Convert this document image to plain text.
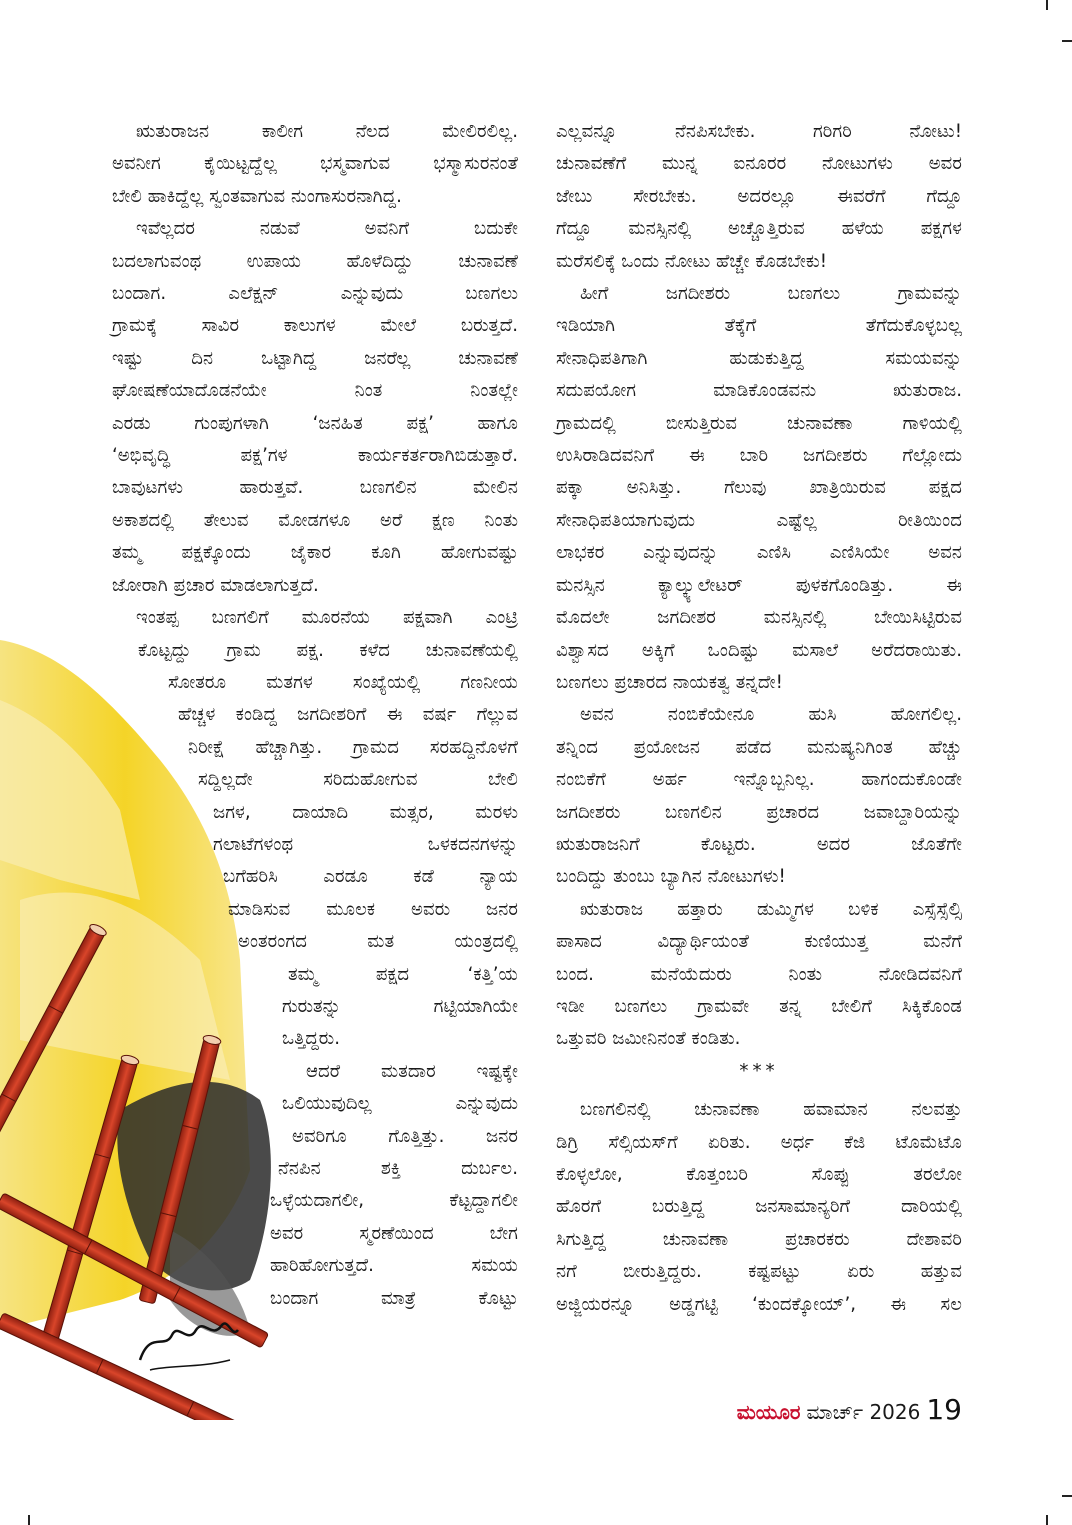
ಋತುರಾಜನ ಕಾಲೀಗ ನೆಲದ ಮೇಲಿರಲಿಲ್ಲ.
ಅವನೀಗ ಕೈಯಿಟ್ಟದ್ದೆಲ್ಲ ಭಸ್ಮವಾಗುವ ಭಸ್ಮಾಸುರನಂತೆ
ಬೇಲಿ ಹಾಕಿದ್ದೆಲ್ಲ ಸ್ವಂತವಾಗುವ ನುಂಗಾಸುರನಾಗಿದ್ದ.
ಇವೆಲ್ಲದರ ನಡುವೆ ಅವನಿಗೆ ಬದುಕೇ
ಬದಲಾಗುವಂಥ ಉಪಾಯ ಹೊಳೆದಿದ್ದು ಚುನಾವಣೆ
ಬಂದಾಗ. ಎಲೆಕ್ಷನ್ ಎನ್ನುವುದು ಬಣಗಲು
ಗ್ರಾಮಕ್ಕೆ ಸಾವಿರ ಕಾಲುಗಳ ಮೇಲೆ ಬರುತ್ತದೆ.
ಇಷ್ಟು ದಿನ ಒಟ್ಟಾಗಿದ್ದ ಜನರೆಲ್ಲ ಚುನಾವಣೆ
ಘೋಷಣೆಯಾದೊಡನೆಯೇ ನಿಂತ ನಿಂತಲ್ಲೇ
ಎರಡು ಗುಂಪುಗಳಾಗಿ ‘ಜನಹಿತ ಪಕ್ಷ’ ಹಾಗೂ
‘ಅಭಿವೃದ್ಧಿ ಪಕ್ಷ’ಗಳ ಕಾರ್ಯಕರ್ತರಾಗಿಬಿಡುತ್ತಾರೆ.
ಬಾವುಟಗಳು ಹಾರುತ್ತವೆ. ಬಣಗಲಿನ ಮೇಲಿನ
ಅಕಾಶದಲ್ಲಿ ತೇಲುವ ಮೋಡಗಳೂ ಅರೆ ಕ್ಷಣ ನಿಂತು
ತಮ್ಮ ಪಕ್ಷಕ್ಕೊಂದು ಜೈಕಾರ ಕೂಗಿ ಹೋಗುವಷ್ಟು
ಜೋರಾಗಿ ಪ್ರಚಾರ ಮಾಡಲಾಗುತ್ತದೆ.
ಇಂತಪ್ಪ ಬಣಗಲಿಗೆ ಮೂರನೆಯ ಪಕ್ಷವಾಗಿ ಎಂಟ್ರಿ
ಕೊಟ್ಟದ್ದು ಗ್ರಾಮ ಪಕ್ಷ. ಕಳೆದ ಚುನಾವಣೆಯಲ್ಲಿ
ಸೋತರೂ ಮತಗಳ ಸಂಖ್ಯೆಯಲ್ಲಿ ಗಣನೀಯ
ಹೆಚ್ಚಳ ಕಂಡಿದ್ದ ಜಗದೀಶರಿಗೆ ಈ ವರ್ಷ ಗೆಲ್ಲುವ
ನಿರೀಕ್ಷೆ ಹೆಚ್ಚಾಗಿತ್ತು. ಗ್ರಾಮದ ಸರಹದ್ದಿನೊಳಗೆ
ಸದ್ದಿಲ್ಲದೇ ಸರಿದುಹೋಗುವ ಬೇಲಿ
ಜಗಳ, ದಾಯಾದಿ ಮತ್ಸರ, ಮರಳು
ಗಲಾಟೆಗಳಂಥ ಒಳಕದನಗಳನ್ನು
ಬಗೆಹರಿಸಿ ಎರಡೂ ಕಡೆ ನ್ಯಾಯ
ಮಾಡಿಸುವ ಮೂಲಕ ಅವರು ಜನರ
ಅಂತರಂಗದ ಮತ ಯಂತ್ರದಲ್ಲಿ
ತಮ್ಮ ಪಕ್ಷದ ‘ಕತ್ತಿ’ಯ
ಗುರುತನ್ನು ಗಟ್ಟಿಯಾಗಿಯೇ
ಒತ್ತಿದ್ದರು.
ಆದರೆ ಮತದಾರ ಇಷ್ಟಕ್ಕೇ
ಒಲಿಯುವುದಿಲ್ಲ ಎನ್ನುವುದು
ಅವರಿಗೂ ಗೊತ್ತಿತ್ತು. ಜನರ
ನೆನಪಿನ ಶಕ್ತಿ ದುರ್ಬಲ.
ಒಳ್ಳೆಯದಾಗಲೀ, ಕೆಟ್ಟದ್ದಾಗಲೀ
ಅವರ ಸ್ಮರಣೆಯಿಂದ ಬೇಗ
ಹಾರಿಹೋಗುತ್ತದೆ. ಸಮಯ
ಬಂದಾಗ ಮಾತ್ರೆ ಕೊಟ್ಟು
ಎಲ್ಲವನ್ನೂ ನೆನಪಿಸಬೇಕು. ಗರಿಗರಿ ನೋಟು!
ಚುನಾವಣೆಗೆ ಮುನ್ನ ಐನೂರರ ನೋಟುಗಳು ಅವರ
ಜೇಬು ಸೇರಬೇಕು. ಅದರಲ್ಲೂ ಈವರೆಗೆ ಗೆದ್ದೂ
ಗೆದ್ದೂ ಮನಸ್ಸಿನಲ್ಲಿ ಅಚ್ಚೊತ್ತಿರುವ ಹಳೆಯ ಪಕ್ಷಗಳ
ಮರೆಸಲಿಕ್ಕೆ ಒಂದು ನೋಟು ಹೆಚ್ಚೇ ಕೊಡಬೇಕು!
ಹೀಗೆ ಜಗದೀಶರು ಬಣಗಲು ಗ್ರಾಮವನ್ನು
ಇಡಿಯಾಗಿ ತೆಕ್ಕೆಗೆ ತೆಗೆದುಕೊಳ್ಳಬಲ್ಲ
ಸೇನಾಧಿಪತಿಗಾಗಿ ಹುಡುಕುತ್ತಿದ್ದ ಸಮಯವನ್ನು
ಸದುಪಯೋಗ ಮಾಡಿಕೊಂಡವನು ಋತುರಾಜ.
ಗ್ರಾಮದಲ್ಲಿ ಬೀಸುತ್ತಿರುವ ಚುನಾವಣಾ ಗಾಳಿಯಲ್ಲಿ
ಉಸಿರಾಡಿದವನಿಗೆ ಈ ಬಾರಿ ಜಗದೀಶರು ಗೆಲ್ಲೋದು
ಪಕ್ಕಾ ಅನಿಸಿತ್ತು. ಗೆಲುವು ಖಾತ್ರಿಯಿರುವ ಪಕ್ಷದ
ಸೇನಾಧಿಪತಿಯಾಗುವುದು ಎಷ್ಟೆಲ್ಲ ರೀತಿಯಿಂದ
ಲಾಭಕರ ಎನ್ನುವುದನ್ನು ಎಣಿಸಿ ಎಣಿಸಿಯೇ ಅವನ
ಮನಸ್ಸಿನ ಕ್ಯಾಲ್ಕ್ಯುಲೇಟರ್ ಪುಳಕಗೊಂಡಿತ್ತು. ಈ
ಮೊದಲೇ ಜಗದೀಶರ ಮನಸ್ಸಿನಲ್ಲಿ ಬೇಯಿಸಿಟ್ಟಿರುವ
ವಿಶ್ವಾಸದ ಅಕ್ಕಿಗೆ ಒಂದಿಷ್ಟು ಮಸಾಲೆ ಅರೆದರಾಯಿತು.
ಬಣಗಲು ಪ್ರಚಾರದ ನಾಯಕತ್ವ ತನ್ನದೇ!
ಅವನ ನಂಬಿಕೆಯೇನೂ ಹುಸಿ ಹೋಗಲಿಲ್ಲ.
ತನ್ನಿಂದ ಪ್ರಯೋಜನ ಪಡೆದ ಮನುಷ್ಯನಿಗಿಂತ ಹೆಚ್ಚು
ನಂಬಿಕೆಗೆ ಅರ್ಹ ಇನ್ನೊಬ್ಬನಿಲ್ಲ. ಹಾಗಂದುಕೊಂಡೇ
ಜಗದೀಶರು ಬಣಗಲಿನ ಪ್ರಚಾರದ ಜವಾಬ್ದಾರಿಯನ್ನು
ಋತುರಾಜನಿಗೆ ಕೊಟ್ಟರು. ಅದರ ಜೊತೆಗೇ
ಬಂದಿದ್ದು ತುಂಬು ಬ್ಯಾಗಿನ ನೋಟುಗಳು!
ಋತುರಾಜ ಹತ್ತಾರು ಡುಮ್ಮಿಗಳ ಬಳಿಕ ಎಸ್ಸೆಸ್ಸೆಲ್ಸಿ
ಪಾಸಾದ ವಿದ್ಯಾರ್ಥಿಯಂತೆ ಕುಣಿಯುತ್ತ ಮನೆಗೆ
ಬಂದ. ಮನೆಯೆದುರು ನಿಂತು ನೋಡಿದವನಿಗೆ
ಇಡೀ ಬಣಗಲು ಗ್ರಾಮವೇ ತನ್ನ ಬೇಲಿಗೆ ಸಿಕ್ಕಿಕೊಂಡ
ಒತ್ತುವರಿ ಜಮೀನಿನಂತೆ ಕಂಡಿತು.
***
ಬಣಗಲಿನಲ್ಲಿ ಚುನಾವಣಾ ಹವಾಮಾನ ನಲವತ್ತು
ಡಿಗ್ರಿ ಸೆಲ್ಸಿಯಸ್‌ಗೆ ಏರಿತು. ಅರ್ಧ ಕೆಜಿ ಟೊಮೆಟೊ
ಕೊಳ್ಳಲೋ, ಕೊತ್ತಂಬರಿ ಸೊಪ್ಪು ತರಲೋ
ಹೊರಗೆ ಬರುತ್ತಿದ್ದ ಜನಸಾಮಾನ್ಯರಿಗೆ ದಾರಿಯಲ್ಲಿ
ಸಿಗುತ್ತಿದ್ದ ಚುನಾವಣಾ ಪ್ರಚಾರಕರು ದೇಶಾವರಿ
ನಗೆ ಬೀರುತ್ತಿದ್ದರು. ಕಷ್ಟಪಟ್ಟು ಏರು ಹತ್ತುವ
ಅಜ್ಜಿಯರನ್ನೂ ಅಡ್ಡಗಟ್ಟಿ ‘ಕುಂದಕ್ಕೋಯ್’, ಈ ಸಲ
ಮಯೂರ ಮಾರ್ಚ್ 2026 19
